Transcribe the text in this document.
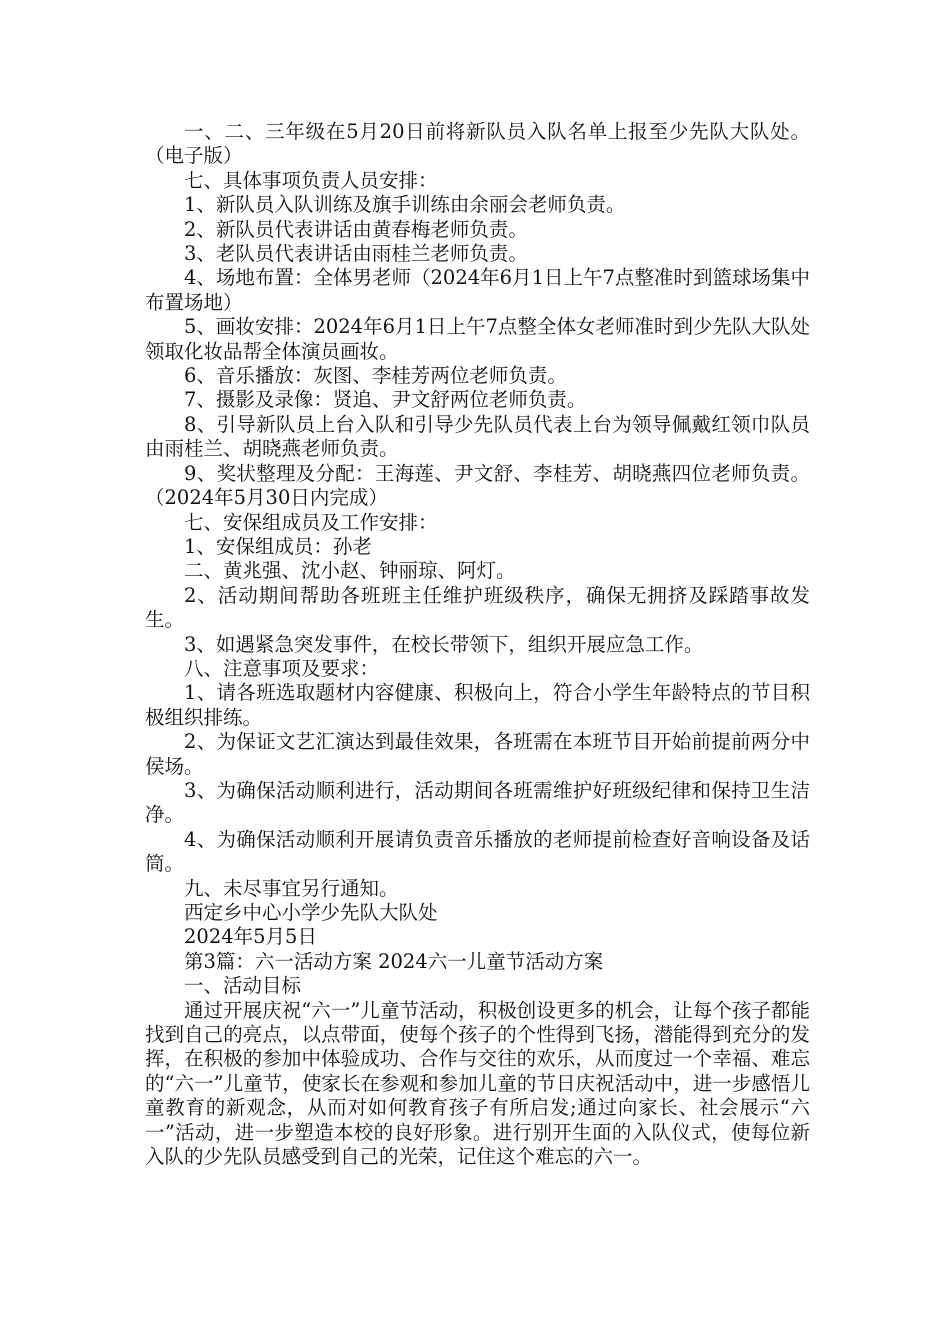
一、二、三年级在5月20日前将新队员入队名单上报至少先队大队处。（电子版）

七、具体事项负责人员安排：

1、新队员入队训练及旗手训练由余丽会老师负责。

2、新队员代表讲话由黄春梅老师负责。

3、老队员代表讲话由雨桂兰老师负责。

4、场地布置：全体男老师（2024年6月1日上午7点整准时到篮球场集中布置场地）

5、画妆安排：2024年6月1日上午7点整全体女老师准时到少先队大队处领取化妆品帮全体演员画妆。

6、音乐播放：灰图、李桂芳两位老师负责。

7、摄影及录像：贤追、尹文舒两位老师负责。

8、引导新队员上台入队和引导少先队员代表上台为领导佩戴红领巾队员由雨桂兰、胡晓燕老师负责。

9、奖状整理及分配：王海莲、尹文舒、李桂芳、胡晓燕四位老师负责。（2024年5月30日内完成）

七、安保组成员及工作安排：

1、安保组成员：孙老

二、黄兆强、沈小赵、钟丽琼、阿灯。

2、活动期间帮助各班班主任维护班级秩序，确保无拥挤及踩踏事故发生。

3、如遇紧急突发事件，在校长带领下，组织开展应急工作。

八、注意事项及要求：

1、请各班选取题材内容健康、积极向上，符合小学生年龄特点的节目积极组织排练。

2、为保证文艺汇演达到最佳效果，各班需在本班节目开始前提前两分中侯场。

3、为确保活动顺利进行，活动期间各班需维护好班级纪律和保持卫生洁净。

4、为确保活动顺利开展请负责音乐播放的老师提前检查好音响设备及话筒。

九、未尽事宜另行通知。

西定乡中心小学少先队大队处

2024年5月5日

第3篇：六一活动方案 2024六一儿童节活动方案

一、活动目标

通过开展庆祝“六一”儿童节活动，积极创设更多的机会，让每个孩子都能找到自己的亮点，以点带面，使每个孩子的个性得到飞扬，潜能得到充分的发挥，在积极的参加中体验成功、合作与交往的欢乐，从而度过一个幸福、难忘的“六一”儿童节，使家长在参观和参加儿童的节日庆祝活动中，进一步感悟儿童教育的新观念，从而对如何教育孩子有所启发;通过向家长、社会展示“六一”活动，进一步塑造本校的良好形象。进行别开生面的入队仪式，使每位新入队的少先队员感受到自己的光荣，记住这个难忘的六一。
